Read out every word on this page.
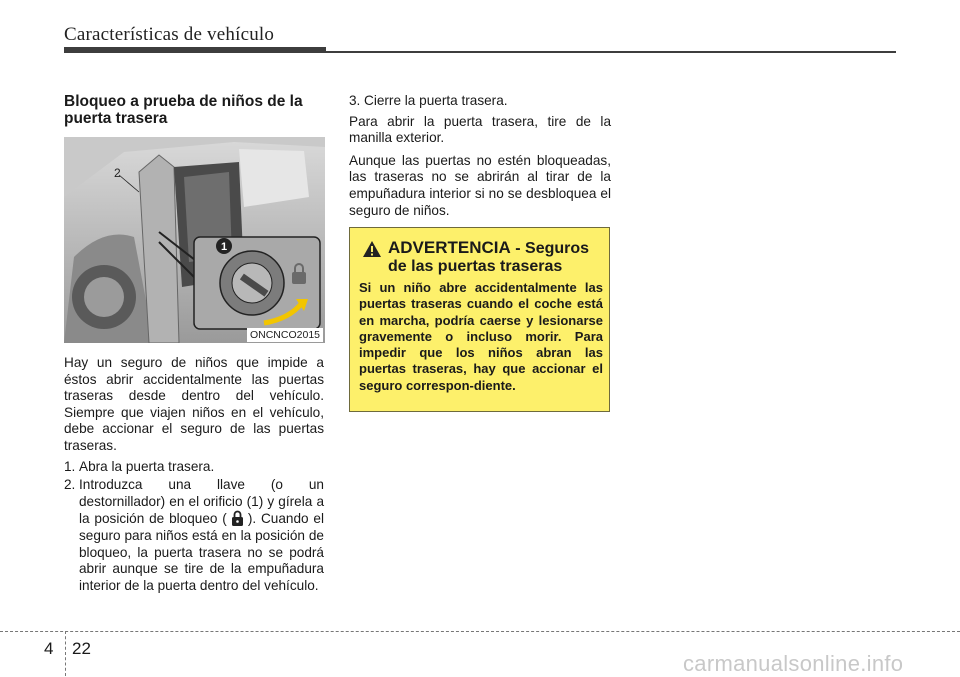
Características de vehículo
Bloqueo a prueba de niños de la puerta trasera
1
2
ONCNCO2015

Hay un seguro de niños que impide a éstos abrir accidentalmente las puertas traseras desde dentro del vehículo. Siempre que viajen niños en el vehículo, debe accionar el seguro de las puertas traseras.

1. Abra la puerta trasera.
2. Introduzca una llave (o un destornillador) en el orificio (1) y gírela a la posición de bloqueo ( ). Cuando el seguro para niños está en la posición de bloqueo, la puerta trasera no se podrá abrir aunque se tire de la empuñadura interior de la puerta dentro del vehículo.
3. Cierre la puerta trasera.

Para abrir la puerta trasera, tire de la manilla exterior.

Aunque las puertas no estén bloqueadas, las traseras no se abrirán al tirar de la empuñadura interior si no se desbloquea el seguro de niños.

ADVERTENCIA - Seguros de las puertas traseras
Si un niño abre accidentalmente las puertas traseras cuando el coche está en marcha, podría caerse y lesionarse gravemente o incluso morir. Para impedir que los niños abran las puertas traseras, hay que accionar el seguro correspon-diente.
4 22
carmanualsonline.info
